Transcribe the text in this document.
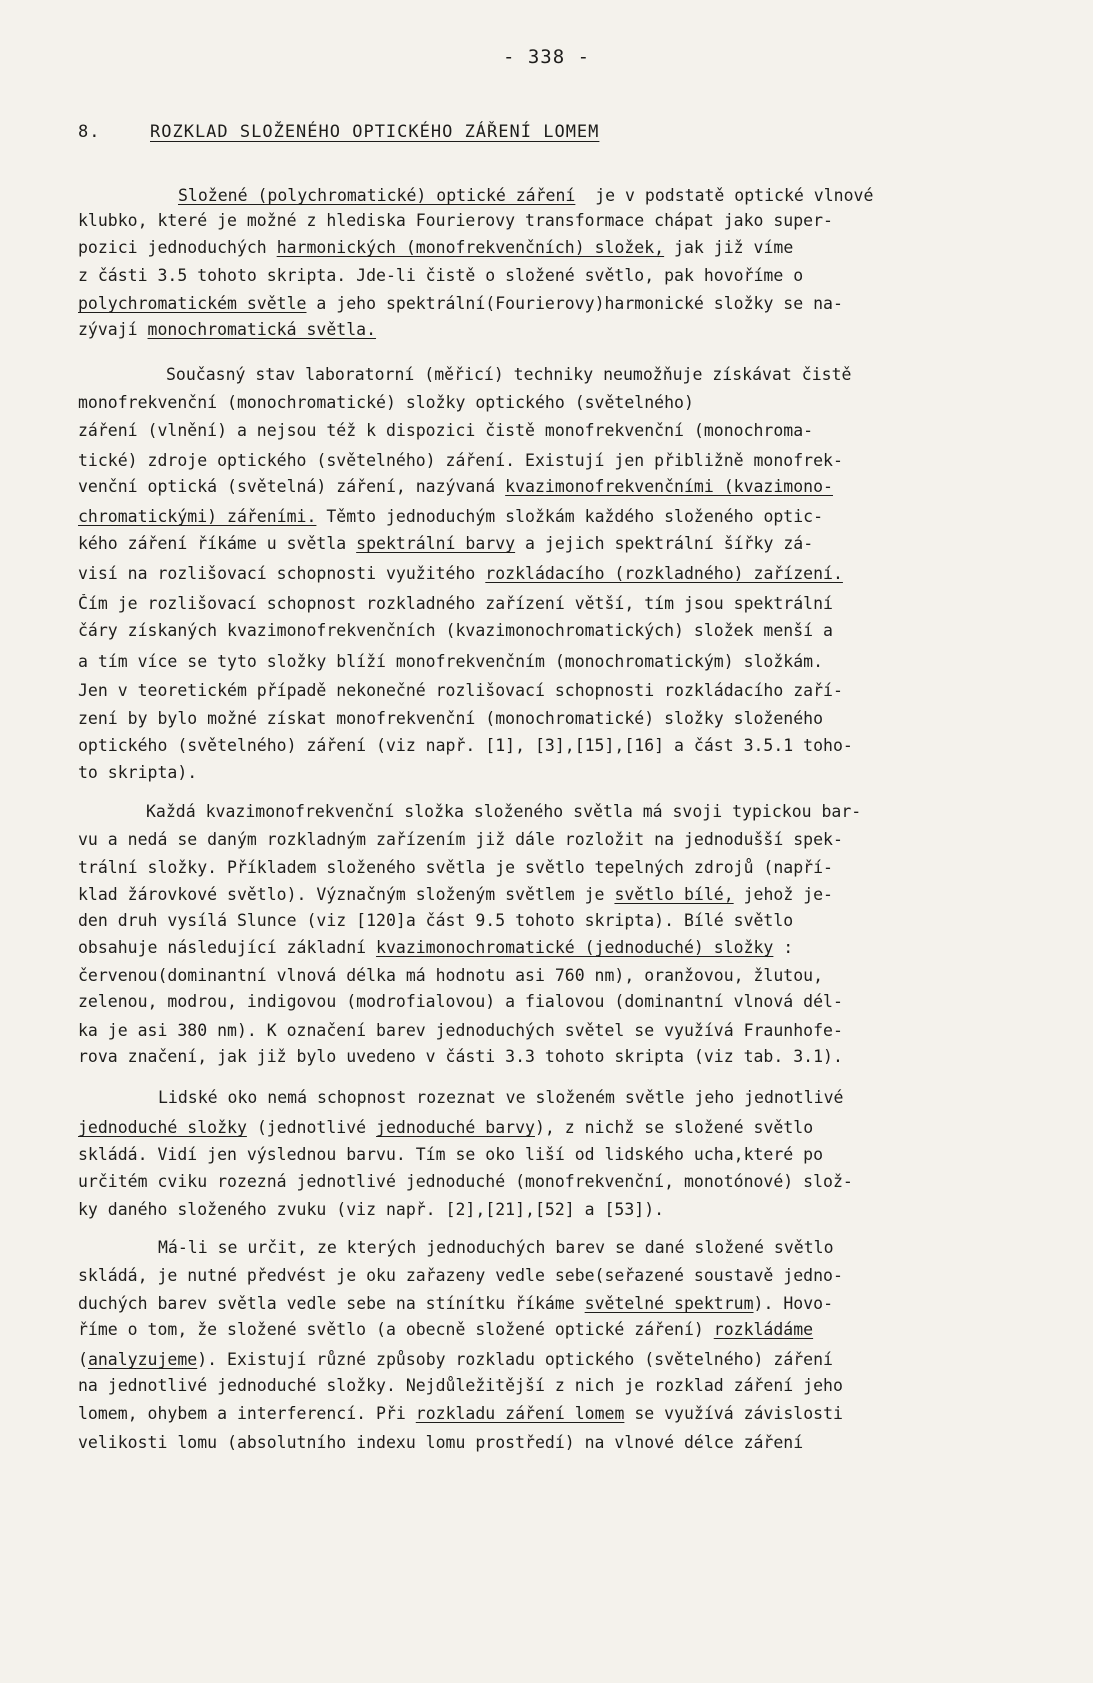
- 338 -
8.	ROZKLAD SLOŽENÉHO OPTICKÉHO ZÁŘENÍ LOMEM
Složené (polychromatické) optické záření  je v podstatě optické vlnové
klubko, které je možné z hlediska Fourierovy transformace chápat jako super-
pozici jednoduchých harmonických (monofrekvenčních) složek, jak již víme
z části 3.5 tohoto skripta. Jde-li čistě o složené světlo, pak hovoříme o
polychromatickém světle a jeho spektrální(Fourierovy)harmonické složky se na-
zývají monochromatická světla.
Současný stav laboratorní (měřicí) techniky neumožňuje získávat čistě
monofrekvenční (monochromatické) složky optického (světelného)
záření (vlnění) a nejsou též k dispozici čistě monofrekvenční (monochroma-
tické) zdroje optického (světelného) záření. Existují jen přibližně monofrek-
venční optická (světelná) záření, nazývaná kvazimonofrekvenčními (kvazimono-
chromatickými) zářeními. Těmto jednoduchým složkám každého složeného optic-
kého záření říkáme u světla spektrální barvy a jejich spektrální šířky zá-
visí na rozlišovací schopnosti využitého rozkládacího (rozkladného) zařízení.
Čím je rozlišovací schopnost rozkladného zařízení větší, tím jsou spektrální
čáry získaných kvazimonofrekvenčních (kvazimonochromatických) složek menší a
a tím více se tyto složky blíží monofrekvenčním (monochromatickým) složkám.
Jen v teoretickém případě nekonečné rozlišovací schopnosti rozkládacího zaří-
zení by bylo možné získat monofrekvenční (monochromatické) složky složeného
optického (světelného) záření (viz např. [1], [3],[15],[16] a část 3.5.1 toho-
to skripta).
Každá kvazimonofrekvenční složka složeného světla má svoji typickou bar-
vu a nedá se daným rozkladným zařízením již dále rozložit na jednodušší spek-
trální složky. Příkladem složeného světla je světlo tepelných zdrojů (napří-
klad žárovkové světlo). Význačným složeným světlem je světlo bílé, jehož je-
den druh vysílá Slunce (viz [120]a část 9.5 tohoto skripta). Bílé světlo
obsahuje následující základní kvazimonochromatické (jednoduché) složky :
červenou(dominantní vlnová délka má hodnotu asi 760 nm), oranžovou, žlutou,
zelenou, modrou, indigovou (modrofialovou) a fialovou (dominantní vlnová dél-
ka je asi 380 nm). K označení barev jednoduchých světel se využívá Fraunhofe-
rova značení, jak již bylo uvedeno v části 3.3 tohoto skripta (viz tab. 3.1).
Lidské oko nemá schopnost rozeznat ve složeném světle jeho jednotlivé
jednoduché složky (jednotlivé jednoduché barvy), z nichž se složené světlo
skládá. Vidí jen výslednou barvu. Tím se oko liší od lidského ucha,které po
určitém cviku rozezná jednotlivé jednoduché (monofrekvenční, monotónové) slož-
ky daného složeného zvuku (viz např. [2],[21],[52] a [53]).
Má-li se určit, ze kterých jednoduchých barev se dané složené světlo
skládá, je nutné předvést je oku zařazeny vedle sebe(seřazené soustavě jedno-
duchých barev světla vedle sebe na stínítku říkáme světelné spektrum). Hovo-
říme o tom, že složené světlo (a obecně složené optické záření) rozkládáme
(analyzujeme). Existují různé způsoby rozkladu optického (světelného) záření
na jednotlivé jednoduché složky. Nejdůležitější z nich je rozklad záření jeho
lomem, ohybem a interferencí. Při rozkladu záření lomem se využívá závislosti
velikosti lomu (absolutního indexu lomu prostředí) na vlnové délce záření
